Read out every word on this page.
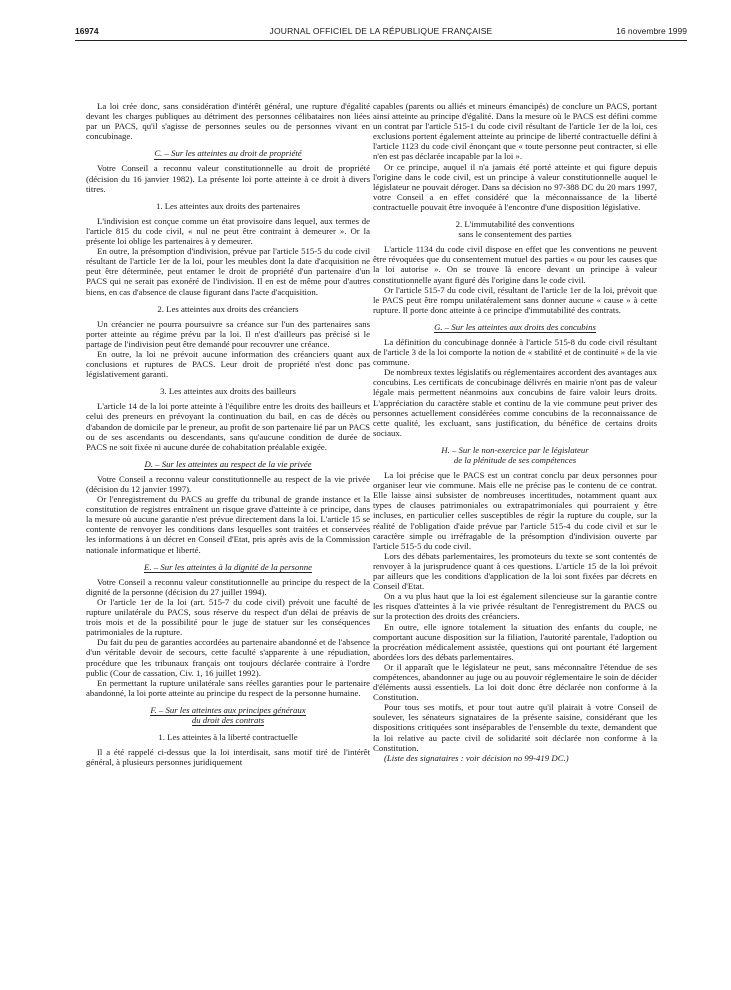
16974	JOURNAL OFFICIEL DE LA RÉPUBLIQUE FRANÇAISE	16 novembre 1999

La loi crée donc, sans considération d'intérêt général, une rupture d'égalité devant les charges publiques au détriment des personnes célibataires non liées par un PACS, qu'il s'agisse de personnes seules ou de personnes vivant en concubinage.

C. – Sur les atteintes au droit de propriété

Votre Conseil a reconnu valeur constitutionnelle au droit de propriété (décision du 16 janvier 1982). La présente loi porte atteinte à ce droit à divers titres.

1. Les atteintes aux droits des partenaires

L'indivision est conçue comme un état provisoire dans lequel, aux termes de l'article 815 du code civil, « nul ne peut être contraint à demeurer ». Or la présente loi oblige les partenaires à y demeurer.

En outre, la présomption d'indivision, prévue par l'article 515-5 du code civil résultant de l'article 1er de la loi, pour les meubles dont la date d'acquisition ne peut être déterminée, peut entamer le droit de propriété d'un partenaire d'un PACS qui ne serait pas exonéré de l'indivision. Il en est de même pour d'autres biens, en cas d'absence de clause figurant dans l'acte d'acquisition.

2. Les atteintes aux droits des créanciers

Un créancier ne pourra poursuivre sa créance sur l'un des partenaires sans porter atteinte au régime prévu par la loi. Il n'est d'ailleurs pas précisé si le partage de l'indivision peut être demandé pour recouvrer une créance.

En outre, la loi ne prévoit aucune information des créanciers quant aux conclusions et ruptures de PACS. Leur droit de propriété n'est donc pas législativement garanti.

3. Les atteintes aux droits des bailleurs

L'article 14 de la loi porte atteinte à l'équilibre entre les droits des bailleurs et celui des preneurs en prévoyant la continuation du bail, en cas de décès ou d'abandon de domicile par le preneur, au profit de son partenaire lié par un PACS ou de ses ascendants ou descendants, sans qu'aucune condition de durée de PACS ne soit fixée ni aucune durée de cohabitation préalable exigée.

D. – Sur les atteintes au respect de la vie privée

Votre Conseil a reconnu valeur constitutionnelle au respect de la vie privée (décision du 12 janvier 1997).

Or l'enregistrement du PACS au greffe du tribunal de grande instance et la constitution de registres entraînent un risque grave d'atteinte à ce principe, dans la mesure où aucune garantie n'est prévue directement dans la loi. L'article 15 se contente de renvoyer les conditions dans lesquelles sont traitées et conservées les informations à un décret en Conseil d'Etat, pris après avis de la Commission nationale informatique et liberté.

E. – Sur les atteintes à la dignité de la personne

Votre Conseil a reconnu valeur constitutionnelle au principe du respect de la dignité de la personne (décision du 27 juillet 1994).

Or l'article 1er de la loi (art. 515-7 du code civil) prévoit une faculté de rupture unilatérale du PACS, sous réserve du respect d'un délai de préavis de trois mois et de la possibilité pour le juge de statuer sur les conséquences patrimoniales de la rupture.

Du fait du peu de garanties accordées au partenaire abandonné et de l'absence d'un véritable devoir de secours, cette faculté s'apparente à une répudiation, procédure que les tribunaux français ont toujours déclarée contraire à l'ordre public (Cour de cassation, Civ. 1, 16 juillet 1992).

En permettant la rupture unilatérale sans réelles garanties pour le partenaire abandonné, la loi porte atteinte au principe du respect de la personne humaine.

F. – Sur les atteintes aux principes généraux
du droit des contrats
1. Les atteintes à la liberté contractuelle

Il a été rappelé ci-dessus que la loi interdisait, sans motif tiré de l'intérêt général, à plusieurs personnes juridiquement

capables (parents ou alliés et mineurs émancipés) de conclure un PACS, portant ainsi atteinte au principe d'égalité. Dans la mesure où le PACS est défini comme un contrat par l'article 515-1 du code civil résultant de l'article 1er de la loi, ces exclusions portent également atteinte au principe de liberté contractuelle défini à l'article 1123 du code civil énonçant que « toute personne peut contracter, si elle n'en est pas déclarée incapable par la loi ».

Or ce principe, auquel il n'a jamais été porté atteinte et qui figure depuis l'origine dans le code civil, est un principe à valeur constitutionnelle auquel le législateur ne pouvait déroger. Dans sa décision no 97-388 DC du 20 mars 1997, votre Conseil a en effet considéré que la méconnaissance de la liberté contractuelle pouvait être invoquée à l'encontre d'une disposition législative.

2. L'immutabilité des conventions
sans le consentement des parties

L'article 1134 du code civil dispose en effet que les conventions ne peuvent être révoquées que du consentement mutuel des parties « ou pour les causes que la loi autorise ». On se trouve là encore devant un principe à valeur constitutionnelle ayant figuré dès l'origine dans le code civil.

Or l'article 515-7 du code civil, résultant de l'article 1er de la loi, prévoit que le PACS peut être rompu unilatéralement sans donner aucune « cause » à cette rupture. Il porte donc atteinte à ce principe d'immutabilité des contrats.

G. – Sur les atteintes aux droits des concubins

La définition du concubinage donnée à l'article 515-8 du code civil résultant de l'article 3 de la loi comporte la notion de « stabilité et de continuité » de la vie commune.

De nombreux textes législatifs ou réglementaires accordent des avantages aux concubins. Les certificats de concubinage délivrés en mairie n'ont pas de valeur légale mais permettent néanmoins aux concubins de faire valoir leurs droits. L'appréciation du caractère stable et continu de la vie commune peut priver des personnes actuellement considérées comme concubins de la reconnaissance de cette qualité, les excluant, sans justification, du bénéfice de certains droits sociaux.

H. – Sur le non-exercice par le législateur
de la plénitude de ses compétences

La loi précise que le PACS est un contrat conclu par deux personnes pour organiser leur vie commune. Mais elle ne précise pas le contenu de ce contrat. Elle laisse ainsi subsister de nombreuses incertitudes, notamment quant aux types de clauses patrimoniales ou extrapatrimoniales qui pourraient y être incluses, en particulier celles susceptibles de régir la rupture du couple, sur la réalité de l'obligation d'aide prévue par l'article 515-4 du code civil et sur le caractère simple ou irréfragable de la présomption d'indivision ouverte par l'article 515-5 du code civil.

Lors des débats parlementaires, les promoteurs du texte se sont contentés de renvoyer à la jurisprudence quant à ces questions. L'article 15 de la loi prévoit par ailleurs que les conditions d'application de la loi sont fixées par décrets en Conseil d'Etat.

On a vu plus haut que la loi est également silencieuse sur la garantie contre les risques d'atteintes à la vie privée résultant de l'enregistrement du PACS ou sur la protection des droits des créanciers.

En outre, elle ignore totalement la situation des enfants du couple, ne comportant aucune disposition sur la filiation, l'autorité parentale, l'adoption ou la procréation médicalement assistée, questions qui ont pourtant été largement abordées lors des débats parlementaires.

Or il apparaît que le législateur ne peut, sans méconnaître l'étendue de ses compétences, abandonner au juge ou au pouvoir réglementaire le soin de décider d'éléments aussi essentiels. La loi doit donc être déclarée non conforme à la Constitution.

Pour tous ses motifs, et pour tout autre qu'il plairait à votre Conseil de soulever, les sénateurs signataires de la présente saisine, considérant que les dispositions critiquées sont inséparables de l'ensemble du texte, demandent que la loi relative au pacte civil de solidarité soit déclarée non conforme à la Constitution.

(Liste des signataires : voir décision no 99-419 DC.)
